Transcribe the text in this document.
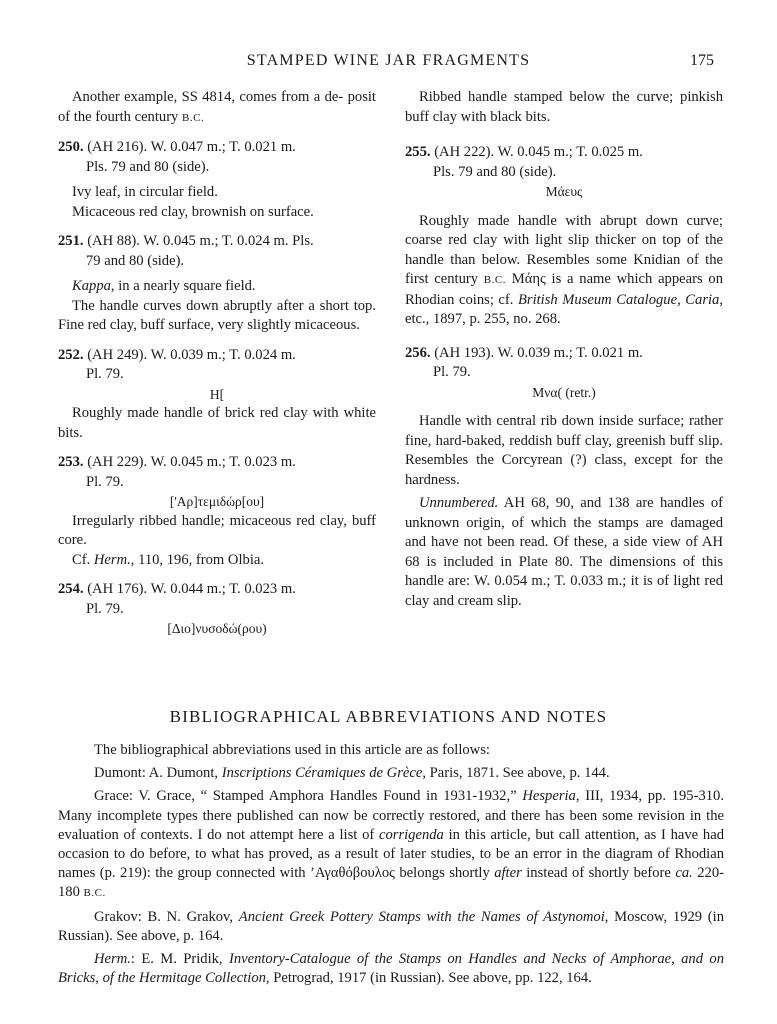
STAMPED WINE JAR FRAGMENTS	175

Another example, SS 4814, comes from a de- posit of the fourth century B.C.

250. (AH 216). W. 0.047 m.; T. 0.021 m.
Pls. 79 and 80 (side).

Ivy leaf, in circular field.

Micaceous red clay, brownish on surface.

251. (AH 88). W. 0.045 m.; T. 0.024 m. Pls.
79 and 80 (side).

Kappa, in a nearly square field.

The handle curves down abruptly after a short top. Fine red clay, buff surface, very slightly micaceous.

252. (AH 249). W. 0.039 m.; T. 0.024 m.
Pl. 79.

H[

Roughly made handle of brick red clay with white bits.

253. (AH 229). W. 0.045 m.; T. 0.023 m.
Pl. 79.

['Αρ]τεμιδώρ[ου]

Irregularly ribbed handle; micaceous red clay, buff core.

Cf. Herm., 110, 196, from Olbia.

254. (AH 176). W. 0.044 m.; T. 0.023 m.
Pl. 79.

[Διο]νυσοδώ(ρου)

Ribbed handle stamped below the curve; pinkish buff clay with black bits.

255. (AH 222). W. 0.045 m.; T. 0.025 m.
Pls. 79 and 80 (side).

Μάευς

Roughly made handle with abrupt down curve; coarse red clay with light slip thicker on top of the handle than below. Resembles some Knidian of the first century B.C. Μάης is a name which appears on Rhodian coins; cf. British Museum Catalogue, Caria, etc., 1897, p. 255, no. 268.

256. (AH 193). W. 0.039 m.; T. 0.021 m.
Pl. 79.

Μνα( (retr.)

Handle with central rib down inside surface; rather fine, hard-baked, reddish buff clay, greenish buff slip. Resembles the Corcyrean (?) class, except for the hardness.

Unnumbered. AH 68, 90, and 138 are handles of unknown origin, of which the stamps are damaged and have not been read. Of these, a side view of AH 68 is included in Plate 80. The dimensions of this handle are: W. 0.054 m.; T. 0.033 m.; it is of light red clay and cream slip.

BIBLIOGRAPHICAL ABBREVIATIONS AND NOTES

The bibliographical abbreviations used in this article are as follows:

Dumont: A. Dumont, Inscriptions Céramiques de Grèce, Paris, 1871. See above, p. 144.

Grace: V. Grace, “ Stamped Amphora Handles Found in 1931-1932,” Hesperia, III, 1934, pp. 195-310. Many incomplete types there published can now be correctly restored, and there has been some revision in the evaluation of contexts. I do not attempt here a list of corrigenda in this article, but call attention, as I have had occasion to do before, to what has proved, as a result of later studies, to be an error in the diagram of Rhodian names (p. 219): the group connected with ’Αγαθόβουλος belongs shortly after instead of shortly before ca. 220-180 B.C.

Grakov: B. N. Grakov, Ancient Greek Pottery Stamps with the Names of Astynomoi, Moscow, 1929 (in Russian). See above, p. 164.

Herm.: E. M. Pridik, Inventory-Catalogue of the Stamps on Handles and Necks of Amphorae, and on Bricks, of the Hermitage Collection, Petrograd, 1917 (in Russian). See above, pp. 122, 164.
